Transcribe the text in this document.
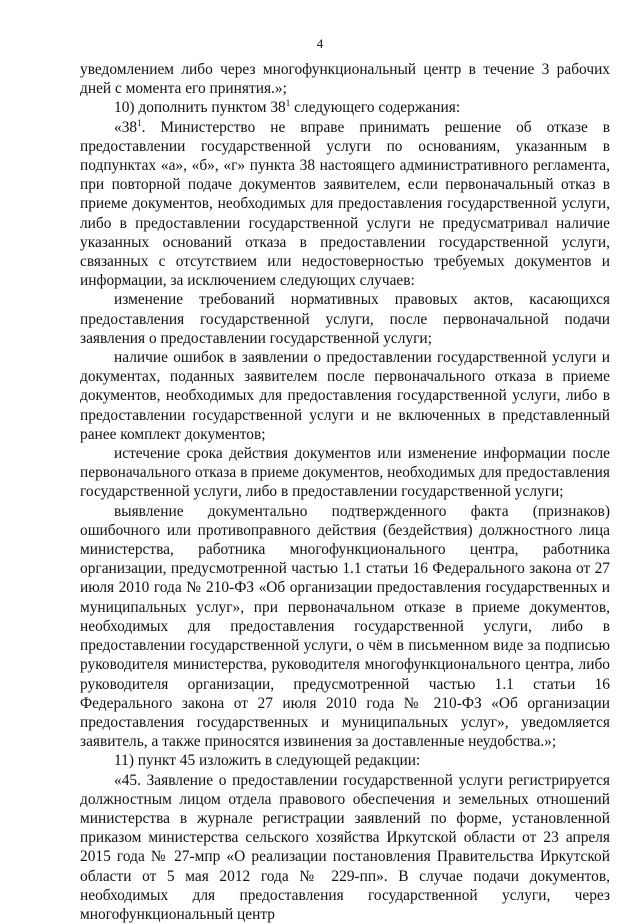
4

уведомлением либо через многофункциональный центр в течение 3 рабочих дней с момента его принятия.»;

10) дополнить пунктом $38^1$ следующего содержания:

«$38^1$. Министерство не вправе принимать решение об отказе в предоставлении государственной услуги по основаниям, указанным в подпунктах «а», «б», «г» пункта 38 настоящего административного регламента, при повторной подаче документов заявителем, если первоначальный отказ в приеме документов, необходимых для предоставления государственной услуги, либо в предоставлении государственной услуги не предусматривал наличие указанных оснований отказа в предоставлении государственной услуги, связанных с отсутствием или недостоверностью требуемых документов и информации, за исключением следующих случаев:

изменение требований нормативных правовых актов, касающихся предоставления государственной услуги, после первоначальной подачи заявления о предоставлении государственной услуги;

наличие ошибок в заявлении о предоставлении государственной услуги и документах, поданных заявителем после первоначального отказа в приеме документов, необходимых для предоставления государственной услуги, либо в предоставлении государственной услуги и не включенных в представленный ранее комплект документов;

истечение срока действия документов или изменение информации после первоначального отказа в приеме документов, необходимых для предоставления государственной услуги, либо в предоставлении государственной услуги;

выявление документально подтвержденного факта (признаков) ошибочного или противоправного действия (бездействия) должностного лица министерства, работника многофункционального центра, работника организации, предусмотренной частью 1.1 статьи 16 Федерального закона от 27 июля 2010 года № 210-ФЗ «Об организации предоставления государственных и муниципальных услуг», при первоначальном отказе в приеме документов, необходимых для предоставления государственной услуги, либо в предоставлении государственной услуги, о чём в письменном виде за подписью руководителя министерства, руководителя многофункционального центра, либо руководителя организации, предусмотренной частью 1.1 статьи 16 Федерального закона от 27 июля 2010 года № 210-ФЗ «Об организации предоставления государственных и муниципальных услуг», уведомляется заявитель, а также приносятся извинения за доставленные неудобства.»;

11) пункт 45 изложить в следующей редакции:

«45. Заявление о предоставлении государственной услуги регистрируется должностным лицом отдела правового обеспечения и земельных отношений министерства в журнале регистрации заявлений по форме, установленной приказом министерства сельского хозяйства Иркутской области от 23 апреля 2015 года № 27-мпр «О реализации постановления Правительства Иркутской области от 5 мая 2012 года № 229-пп». В случае подачи документов, необходимых для предоставления государственной услуги, через многофункциональный центр
